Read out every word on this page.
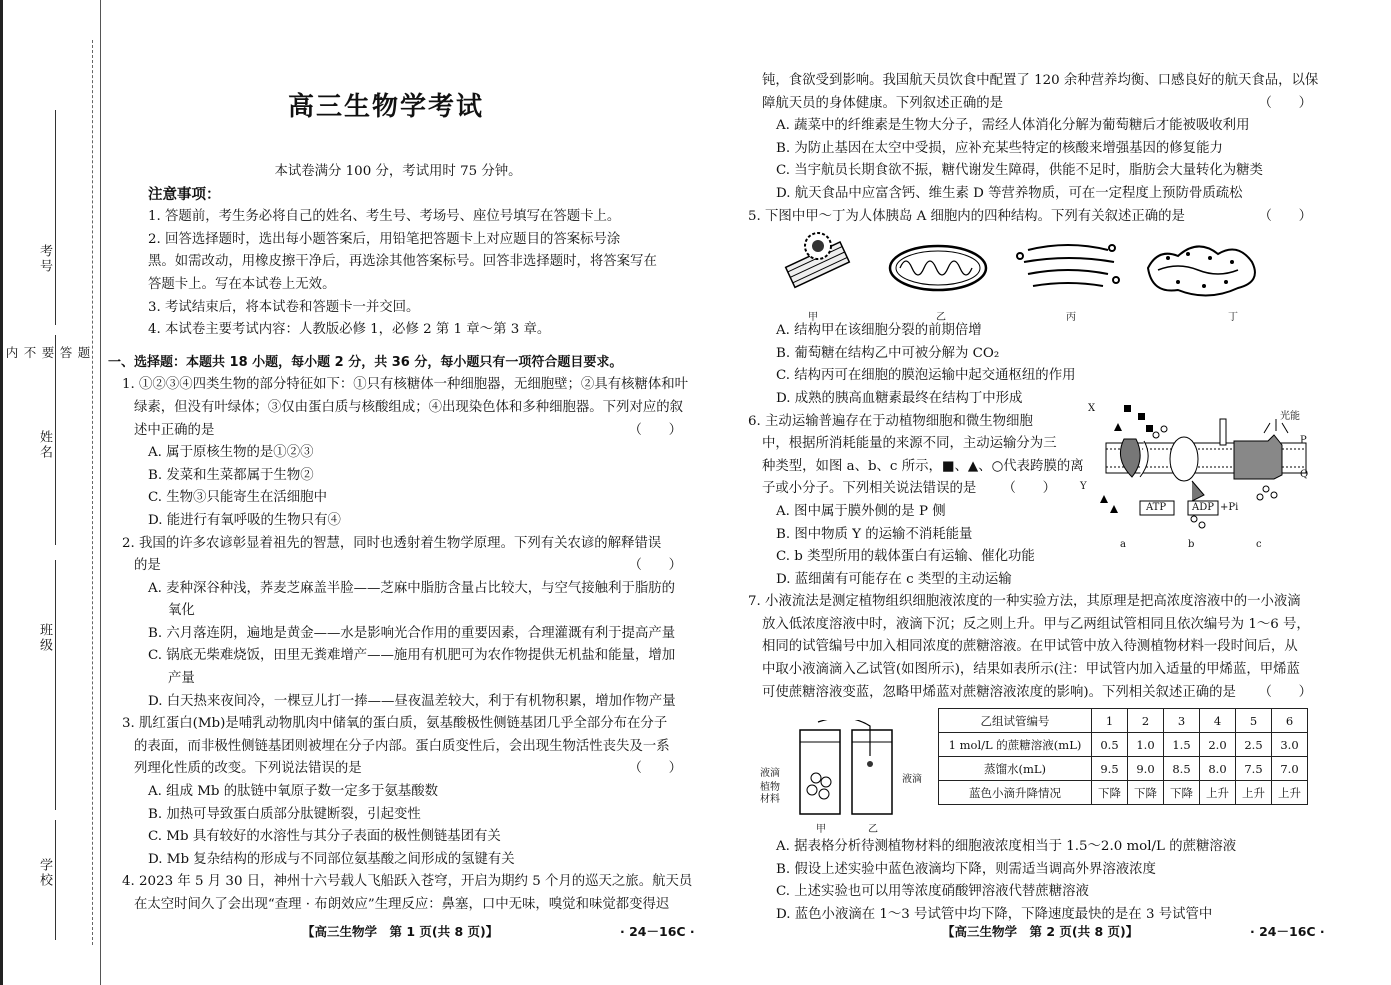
考号
姓名
班级
学校
题
答
要
不
内
高三生物学考试
本试卷满分 100 分，考试用时 75 分钟。
注意事项：
1. 答题前，考生务必将自己的姓名、考生号、考场号、座位号填写在答题卡上。
2. 回答选择题时，选出每小题答案后，用铅笔把答题卡上对应题目的答案标号涂
黑。如需改动，用橡皮擦干净后，再选涂其他答案标号。回答非选择题时，将答案写在
答题卡上。写在本试卷上无效。
3. 考试结束后，将本试卷和答题卡一并交回。
4. 本试卷主要考试内容：人教版必修 1，必修 2 第 1 章～第 3 章。
一、选择题：本题共 18 小题，每小题 2 分，共 36 分，每小题只有一项符合题目要求。
1. ①②③④四类生物的部分特征如下：①只有核糖体一种细胞器，无细胞壁；②具有核糖体和叶
绿素，但没有叶绿体；③仅由蛋白质与核酸组成；④出现染色体和多种细胞器。下列对应的叙
述中正确的是	（　　）
A. 属于原核生物的是①②③
B. 发菜和生菜都属于生物②
C. 生物③只能寄生在活细胞中
D. 能进行有氧呼吸的生物只有④
2. 我国的许多农谚彰显着祖先的智慧，同时也透射着生物学原理。下列有关农谚的解释错误
的是	（　　）
A. 麦种深谷种浅，荞麦芝麻盖半脸——芝麻中脂肪含量占比较大，与空气接触利于脂肪的
氧化
B. 六月落连阴，遍地是黄金——水是影响光合作用的重要因素，合理灌溉有利于提高产量
C. 锅底无柴难烧饭，田里无粪难增产——施用有机肥可为农作物提供无机盐和能量，增加
产量
D. 白天热来夜间冷，一棵豆儿打一捧——昼夜温差较大，利于有机物积累，增加作物产量
3. 肌红蛋白(Mb)是哺乳动物肌肉中储氧的蛋白质，氨基酸极性侧链基团几乎全部分布在分子
的表面，而非极性侧链基团则被埋在分子内部。蛋白质变性后，会出现生物活性丧失及一系
列理化性质的改变。下列说法错误的是	（　　）
A. 组成 Mb 的肽链中氧原子数一定多于氨基酸数
B. 加热可导致蛋白质部分肽键断裂，引起变性
C. Mb 具有较好的水溶性与其分子表面的极性侧链基团有关
D. Mb 复杂结构的形成与不同部位氨基酸之间形成的氢键有关
4. 2023 年 5 月 30 日，神州十六号载人飞船跃入苍穹，开启为期约 5 个月的巡天之旅。航天员
在太空时间久了会出现“查理 · 布朗效应”生理反应：鼻塞，口中无味，嗅觉和味觉都变得迟
【高三生物学　第 1 页(共 8 页)】	· 24－16C ·
钝，食欲受到影响。我国航天员饮食中配置了 120 余种营养均衡、口感良好的航天食品，以保
障航天员的身体健康。下列叙述正确的是	（　　）
A. 蔬菜中的纤维素是生物大分子，需经人体消化分解为葡萄糖后才能被吸收利用
B. 为防止基因在太空中受损，应补充某些特定的核酸来增强基因的修复能力
C. 当宇航员长期食欲不振，糖代谢发生障碍，供能不足时，脂肪会大量转化为糖类
D. 航天食品中应富含钙、维生素 D 等营养物质，可在一定程度上预防骨质疏松
5. 下图中甲～丁为人体胰岛 A 细胞内的四种结构。下列有关叙述正确的是	（　　）
甲	乙	丙	丁
A. 结构甲在该细胞分裂的前期倍增
B. 葡萄糖在结构乙中可被分解为 CO₂
C. 结构丙可在细胞的膜泡运输中起交通枢纽的作用
D. 成熟的胰高血糖素最终在结构丁中形成
6. 主动运输普遍存在于动植物细胞和微生物细胞
中，根据所消耗能量的来源不同，主动运输分为三
种类型，如图 a、b、c 所示，■、▲、○代表跨膜的离
子或小分子。下列相关说法错误的是 （　　）
A. 图中属于膜外侧的是 P 侧
B. 图中物质 Y 的运输不消耗能量
C. b 类型所用的载体蛋白有运输、催化功能
D. 蓝细菌有可能存在 c 类型的主动运输
X
Y
光能
P
Q
ATP	ADP +Pi
a	b	c
7. 小液流法是测定植物组织细胞液浓度的一种实验方法，其原理是把高浓度溶液中的一小液滴
放入低浓度溶液中时，液滴下沉；反之则上升。甲与乙两组试管相同且依次编号为 1～6 号，
相同的试管编号中加入相同浓度的蔗糖溶液。在甲试管中放入待测植物材料一段时间后，从
中取小液滴滴入乙试管(如图所示)，结果如表所示(注：甲试管内加入适量的甲烯蓝，甲烯蓝
可使蔗糖溶液变蓝，忽略甲烯蓝对蔗糖溶液浓度的影响)。下列相关叙述正确的是 （　　）
液滴
植物
材料
液滴
甲	乙
乙组试管编号	1	2	3	4	5	6
1 mol/L 的蔗糖溶液(mL)	0.5	1.0	1.5	2.0	2.5	3.0
蒸馏水(mL)	9.5	9.0	8.5	8.0	7.5	7.0
蓝色小滴升降情况	下降	下降	下降	上升	上升	上升
A. 据表格分析待测植物材料的细胞液浓度相当于 1.5～2.0 mol/L 的蔗糖溶液
B. 假设上述实验中蓝色液滴均下降，则需适当调高外界溶液浓度
C. 上述实验也可以用等浓度硝酸钾溶液代替蔗糖溶液
D. 蓝色小液滴在 1～3 号试管中均下降，下降速度最快的是在 3 号试管中
【高三生物学　第 2 页(共 8 页)】	· 24－16C ·
